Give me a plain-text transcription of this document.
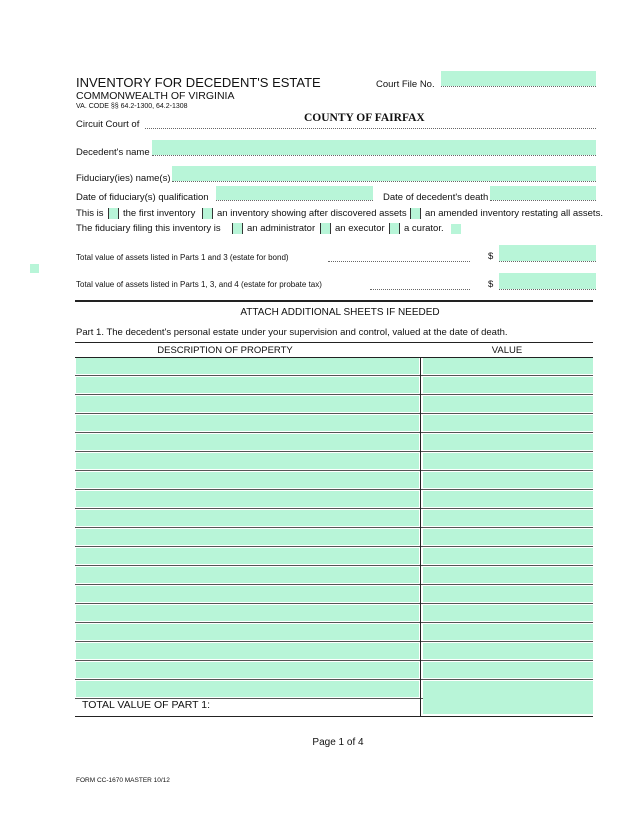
INVENTORY FOR DECEDENT'S ESTATE
COMMONWEALTH OF VIRGINIA
VA. CODE §§ 64.2-1300, 64.2-1308
Court File No.
Circuit Court of
COUNTY OF FAIRFAX
Decedent's name
Fiduciary(ies) name(s)
Date of fiduciary(s) qualification	Date of decedent's death
This is the first inventory an inventory showing after discovered assets an amended inventory restating all assets.
The fiduciary filing this inventory is	an administrator an executor a curator.
Total value of assets listed in Parts 1 and 3 (estate for bond)	$
Total value of assets listed in Parts 1, 3, and 4 (estate for probate tax)	$
ATTACH ADDITIONAL SHEETS IF NEEDED
Part 1. The decedent's personal estate under your supervision and control, valued at the date of death.
DESCRIPTION OF PROPERTY	VALUE
TOTAL VALUE OF PART 1:
Page 1 of 4
FORM CC-1670 MASTER 10/12
